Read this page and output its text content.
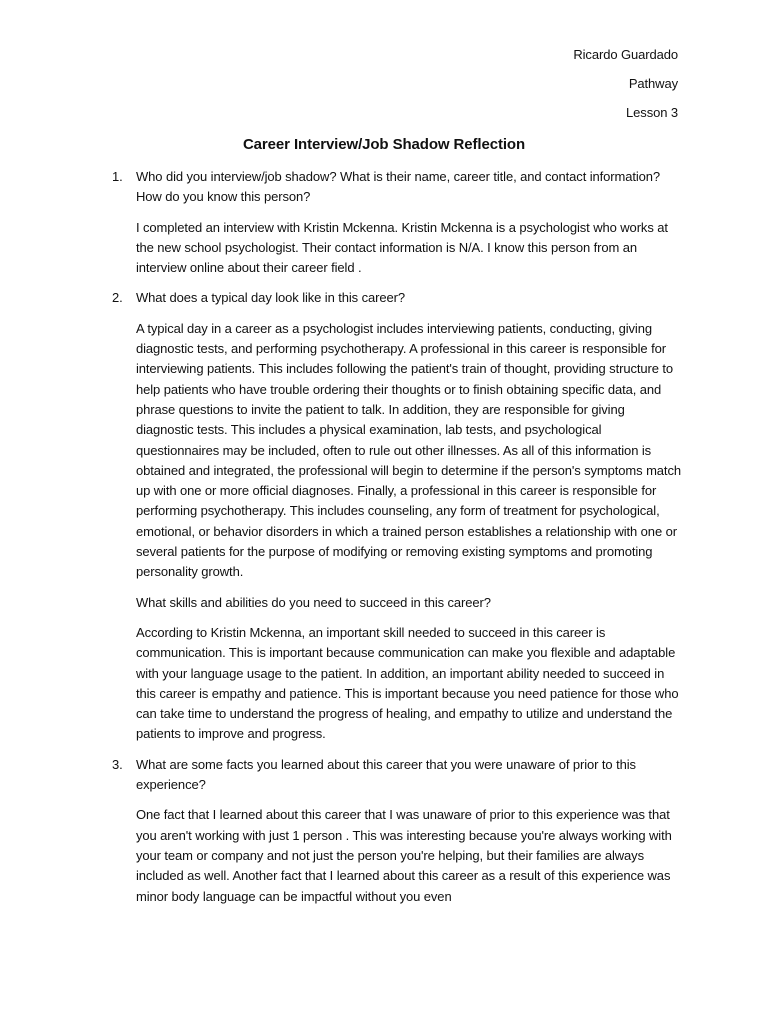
Ricardo Guardado
Pathway
Lesson 3
Career Interview/Job Shadow Reflection
1. Who did you interview/job shadow? What is their name, career title, and contact information? How do you know this person?

I completed an interview with Kristin Mckenna. Kristin Mckenna is a psychologist who works at the new school psychologist. Their contact information is N/A. I know this person from an interview online about their career field .

2. What does a typical day look like in this career?

A typical day in a career as a psychologist includes interviewing patients, conducting, giving diagnostic tests, and performing psychotherapy. A professional in this career is responsible for interviewing patients. This includes following the patient's train of thought, providing structure to help patients who have trouble ordering their thoughts or to finish obtaining specific data, and phrase questions to invite the patient to talk. In addition, they are responsible for giving diagnostic tests. This includes a physical examination, lab tests, and psychological questionnaires may be included, often to rule out other illnesses. As all of this information is obtained and integrated, the professional will begin to determine if the person's symptoms match up with one or more official diagnoses. Finally, a professional in this career is responsible for performing psychotherapy. This includes counseling, any form of treatment for psychological, emotional, or behavior disorders in which a trained person establishes a relationship with one or several patients for the purpose of modifying or removing existing symptoms and promoting personality growth.

What skills and abilities do you need to succeed in this career?

According to Kristin Mckenna, an important skill needed to succeed in this career is communication. This is important because communication can make you flexible and adaptable with your language usage to the patient. In addition, an important ability needed to succeed in this career is empathy and patience. This is important because you need patience for those who can take time to understand the progress of healing, and empathy to utilize and understand the patients to improve and progress.

3. What are some facts you learned about this career that you were unaware of prior to this experience?

One fact that I learned about this career that I was unaware of prior to this experience was that you aren't working with just 1 person . This was interesting because you're always working with your team or company and not just the person you're helping, but their families are always included as well. Another fact that I learned about this career as a result of this experience was minor body language can be impactful without you even
